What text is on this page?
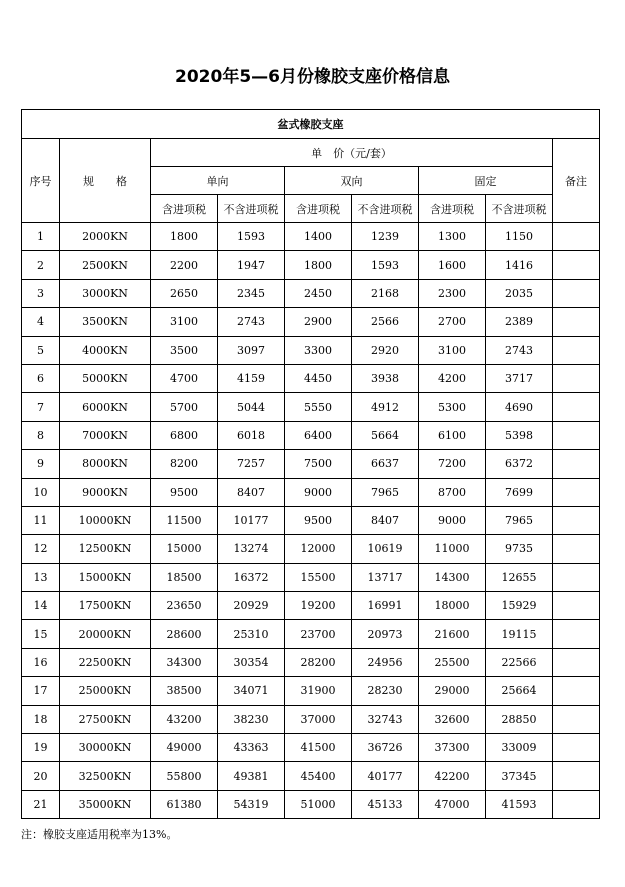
2020年5—6月份橡胶支座价格信息
盆式橡胶支座								
序号	规　　格	单　价（元/套）						备注
		单向		双向		固定		
		含进项税	不含进项税	含进项税	不含进项税	含进项税	不含进项税	
1	2000KN	1800	1593	1400	1239	1300	1150	
2	2500KN	2200	1947	1800	1593	1600	1416	
3	3000KN	2650	2345	2450	2168	2300	2035	
4	3500KN	3100	2743	2900	2566	2700	2389	
5	4000KN	3500	3097	3300	2920	3100	2743	
6	5000KN	4700	4159	4450	3938	4200	3717	
7	6000KN	5700	5044	5550	4912	5300	4690	
8	7000KN	6800	6018	6400	5664	6100	5398	
9	8000KN	8200	7257	7500	6637	7200	6372	
10	9000KN	9500	8407	9000	7965	8700	7699	
11	10000KN	11500	10177	9500	8407	9000	7965	
12	12500KN	15000	13274	12000	10619	11000	9735	
13	15000KN	18500	16372	15500	13717	14300	12655	
14	17500KN	23650	20929	19200	16991	18000	15929	
15	20000KN	28600	25310	23700	20973	21600	19115	
16	22500KN	34300	30354	28200	24956	25500	22566	
17	25000KN	38500	34071	31900	28230	29000	25664	
18	27500KN	43200	38230	37000	32743	32600	28850	
19	30000KN	49000	43363	41500	36726	37300	33009	
20	32500KN	55800	49381	45400	40177	42200	37345	
21	35000KN	61380	54319	51000	45133	47000	41593	
注：橡胶支座适用税率为13%。
